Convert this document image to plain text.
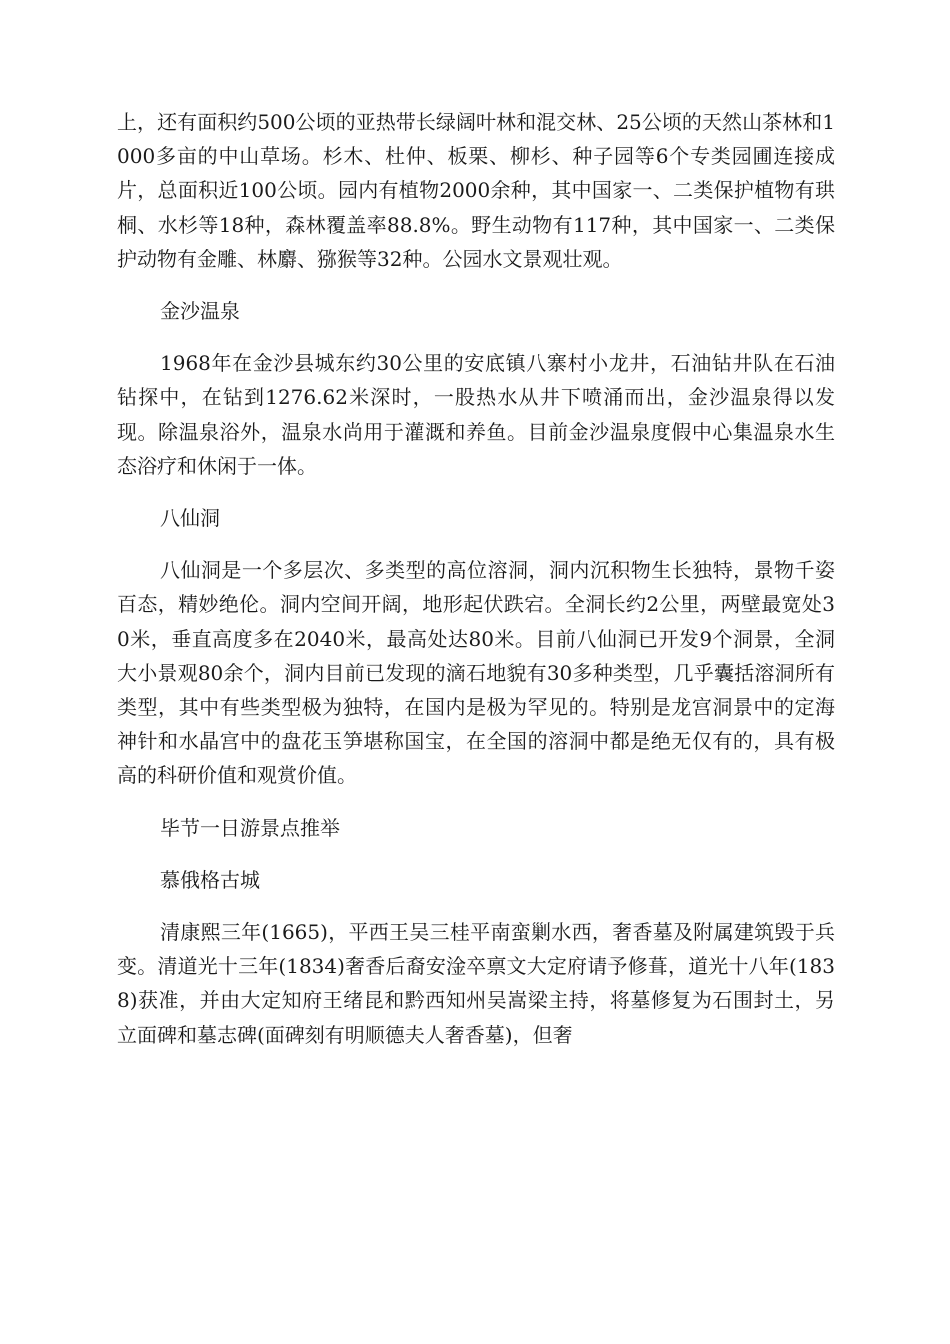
上，还有面积约500公顷的亚热带长绿阔叶林和混交林、25公顷的天然山茶林和1000多亩的中山草场。杉木、杜仲、板栗、柳杉、种子园等6个专类园圃连接成片，总面积近100公顷。园内有植物2000余种，其中国家一、二类保护植物有珙桐、水杉等18种，森林覆盖率88.8%。野生动物有117种，其中国家一、二类保护动物有金雕、林麝、猕猴等32种。公园水文景观壮观。

金沙温泉

1968年在金沙县城东约30公里的安底镇八寨村小龙井，石油钻井队在石油钻探中，在钻到1276.62米深时，一股热水从井下喷涌而出，金沙温泉得以发现。除温泉浴外，温泉水尚用于灌溉和养鱼。目前金沙温泉度假中心集温泉水生态浴疗和休闲于一体。

八仙洞

八仙洞是一个多层次、多类型的高位溶洞，洞内沉积物生长独特，景物千姿百态，精妙绝伦。洞内空间开阔，地形起伏跌宕。全洞长约2公里，两壁最宽处30米，垂直高度多在2040米，最高处达80米。目前八仙洞已开发9个洞景，全洞大小景观80余个，洞内目前已发现的滴石地貌有30多种类型，几乎囊括溶洞所有类型，其中有些类型极为独特，在国内是极为罕见的。特别是龙宫洞景中的定海神针和水晶宫中的盘花玉笋堪称国宝，在全国的溶洞中都是绝无仅有的，具有极高的科研价值和观赏价值。

毕节一日游景点推举

慕俄格古城

清康熙三年(1665)，平西王吴三桂平南蛮剿水西，奢香墓及附属建筑毁于兵变。清道光十三年(1834)奢香后裔安淦卒禀文大定府请予修葺，道光十八年(1838)获准，并由大定知府王绪昆和黔西知州吴嵩梁主持，将墓修复为石围封土，另立面碑和墓志碑(面碑刻有明顺德夫人奢香墓)，但奢
